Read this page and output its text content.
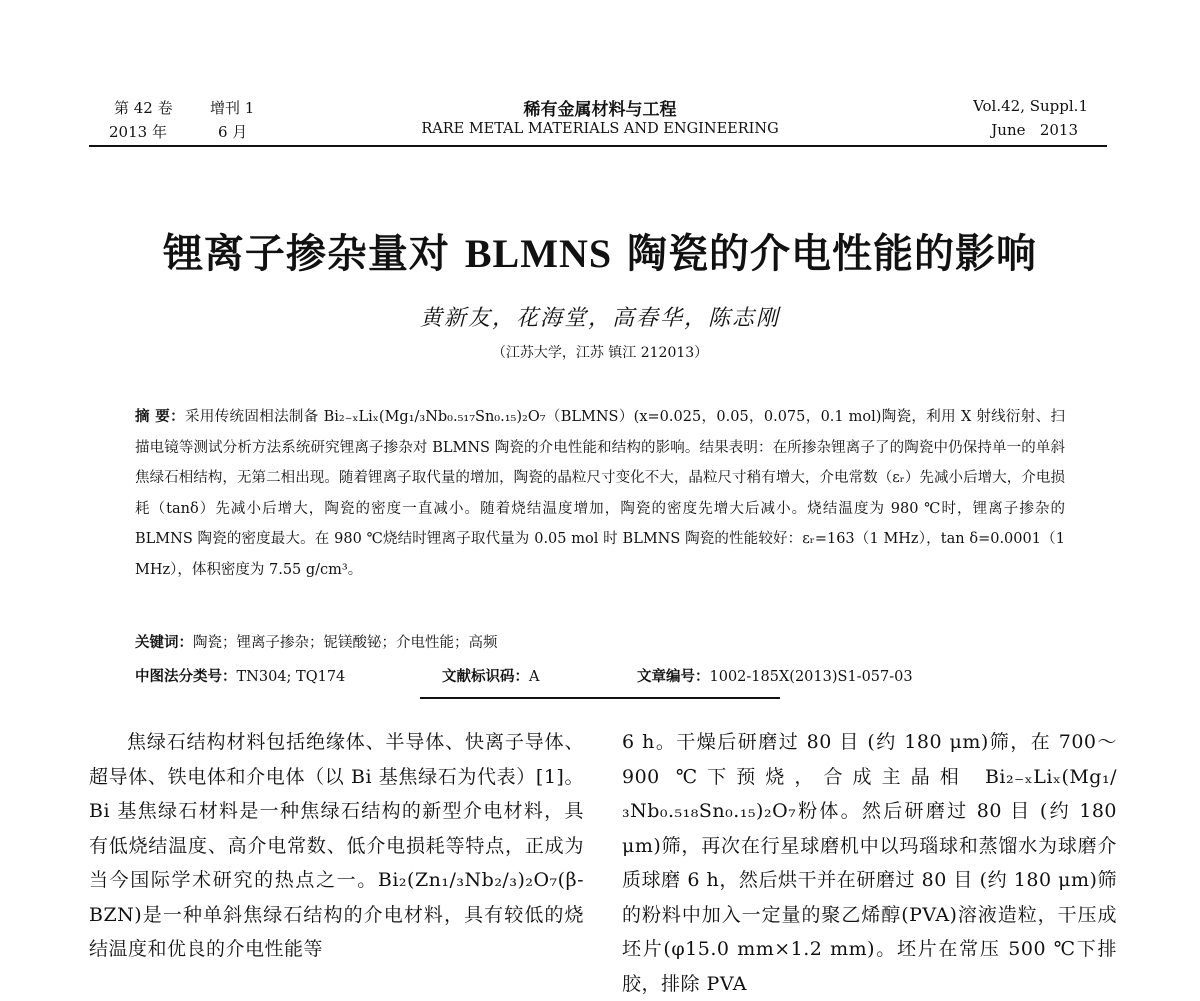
第 42 卷 增刊 1
2013 年	6 月
稀有金属材料与工程
RARE METAL MATERIALS AND ENGINEERING
Vol.42, Suppl.1
June   2013
锂离子掺杂量对 BLMNS 陶瓷的介电性能的影响
黄新友，花海堂，高春华，陈志刚
（江苏大学，江苏 镇江 212013）
摘 要：采用传统固相法制备 Bi₂₋ₓLiₓ(Mg₁/₃Nb₀.₅₁₇Sn₀.₁₅)₂O₇（BLMNS）(x=0.025，0.05，0.075，0.1 mol)陶瓷，利用 X 射线衍射、扫描电镜等测试分析方法系统研究锂离子掺杂对 BLMNS 陶瓷的介电性能和结构的影响。结果表明：在所掺杂锂离子了的陶瓷中仍保持单一的单斜焦绿石相结构，无第二相出现。随着锂离子取代量的增加，陶瓷的晶粒尺寸变化不大，晶粒尺寸稍有增大，介电常数（εᵣ）先减小后增大，介电损耗（tanδ）先减小后增大，陶瓷的密度一直减小。随着烧结温度增加，陶瓷的密度先增大后减小。烧结温度为 980 ℃时，锂离子掺杂的 BLMNS 陶瓷的密度最大。在 980 ℃烧结时锂离子取代量为 0.05 mol 时 BLMNS 陶瓷的性能较好：εᵣ=163（1 MHz），tan δ=0.0001（1 MHz），体积密度为 7.55 g/cm³。
关键词：陶瓷；锂离子掺杂；铌镁酸铋；介电性能；高频
中图法分类号：TN304; TQ174	文献标识码：A	文章编号：1002-185X(2013)S1-057-03

焦绿石结构材料包括绝缘体、半导体、快离子导体、超导体、铁电体和介电体（以 Bi 基焦绿石为代表）[1]。Bi 基焦绿石材料是一种焦绿石结构的新型介电材料，具有低烧结温度、高介电常数、低介电损耗等特点，正成为当今国际学术研究的热点之一。Bi₂(Zn₁/₃Nb₂/₃)₂O₇(β-BZN)是一种单斜焦绿石结构的介电材料，具有较低的烧结温度和优良的介电性能等

6 h。干燥后研磨过 80 目 (约 180 μm)筛，在 700～900 ℃下预烧，合成主晶相 Bi₂₋ₓLiₓ(Mg₁/₃Nb₀.₅₁₈Sn₀.₁₅)₂O₇粉体。然后研磨过 80 目 (约 180 μm)筛，再次在行星球磨机中以玛瑙球和蒸馏水为球磨介质球磨 6 h，然后烘干并在研磨过 80 目 (约 180 μm)筛的粉料中加入一定量的聚乙烯醇(PVA)溶液造粒，干压成坯片(φ15.0 mm×1.2 mm)。坯片在常压 500 ℃下排胶，排除 PVA
